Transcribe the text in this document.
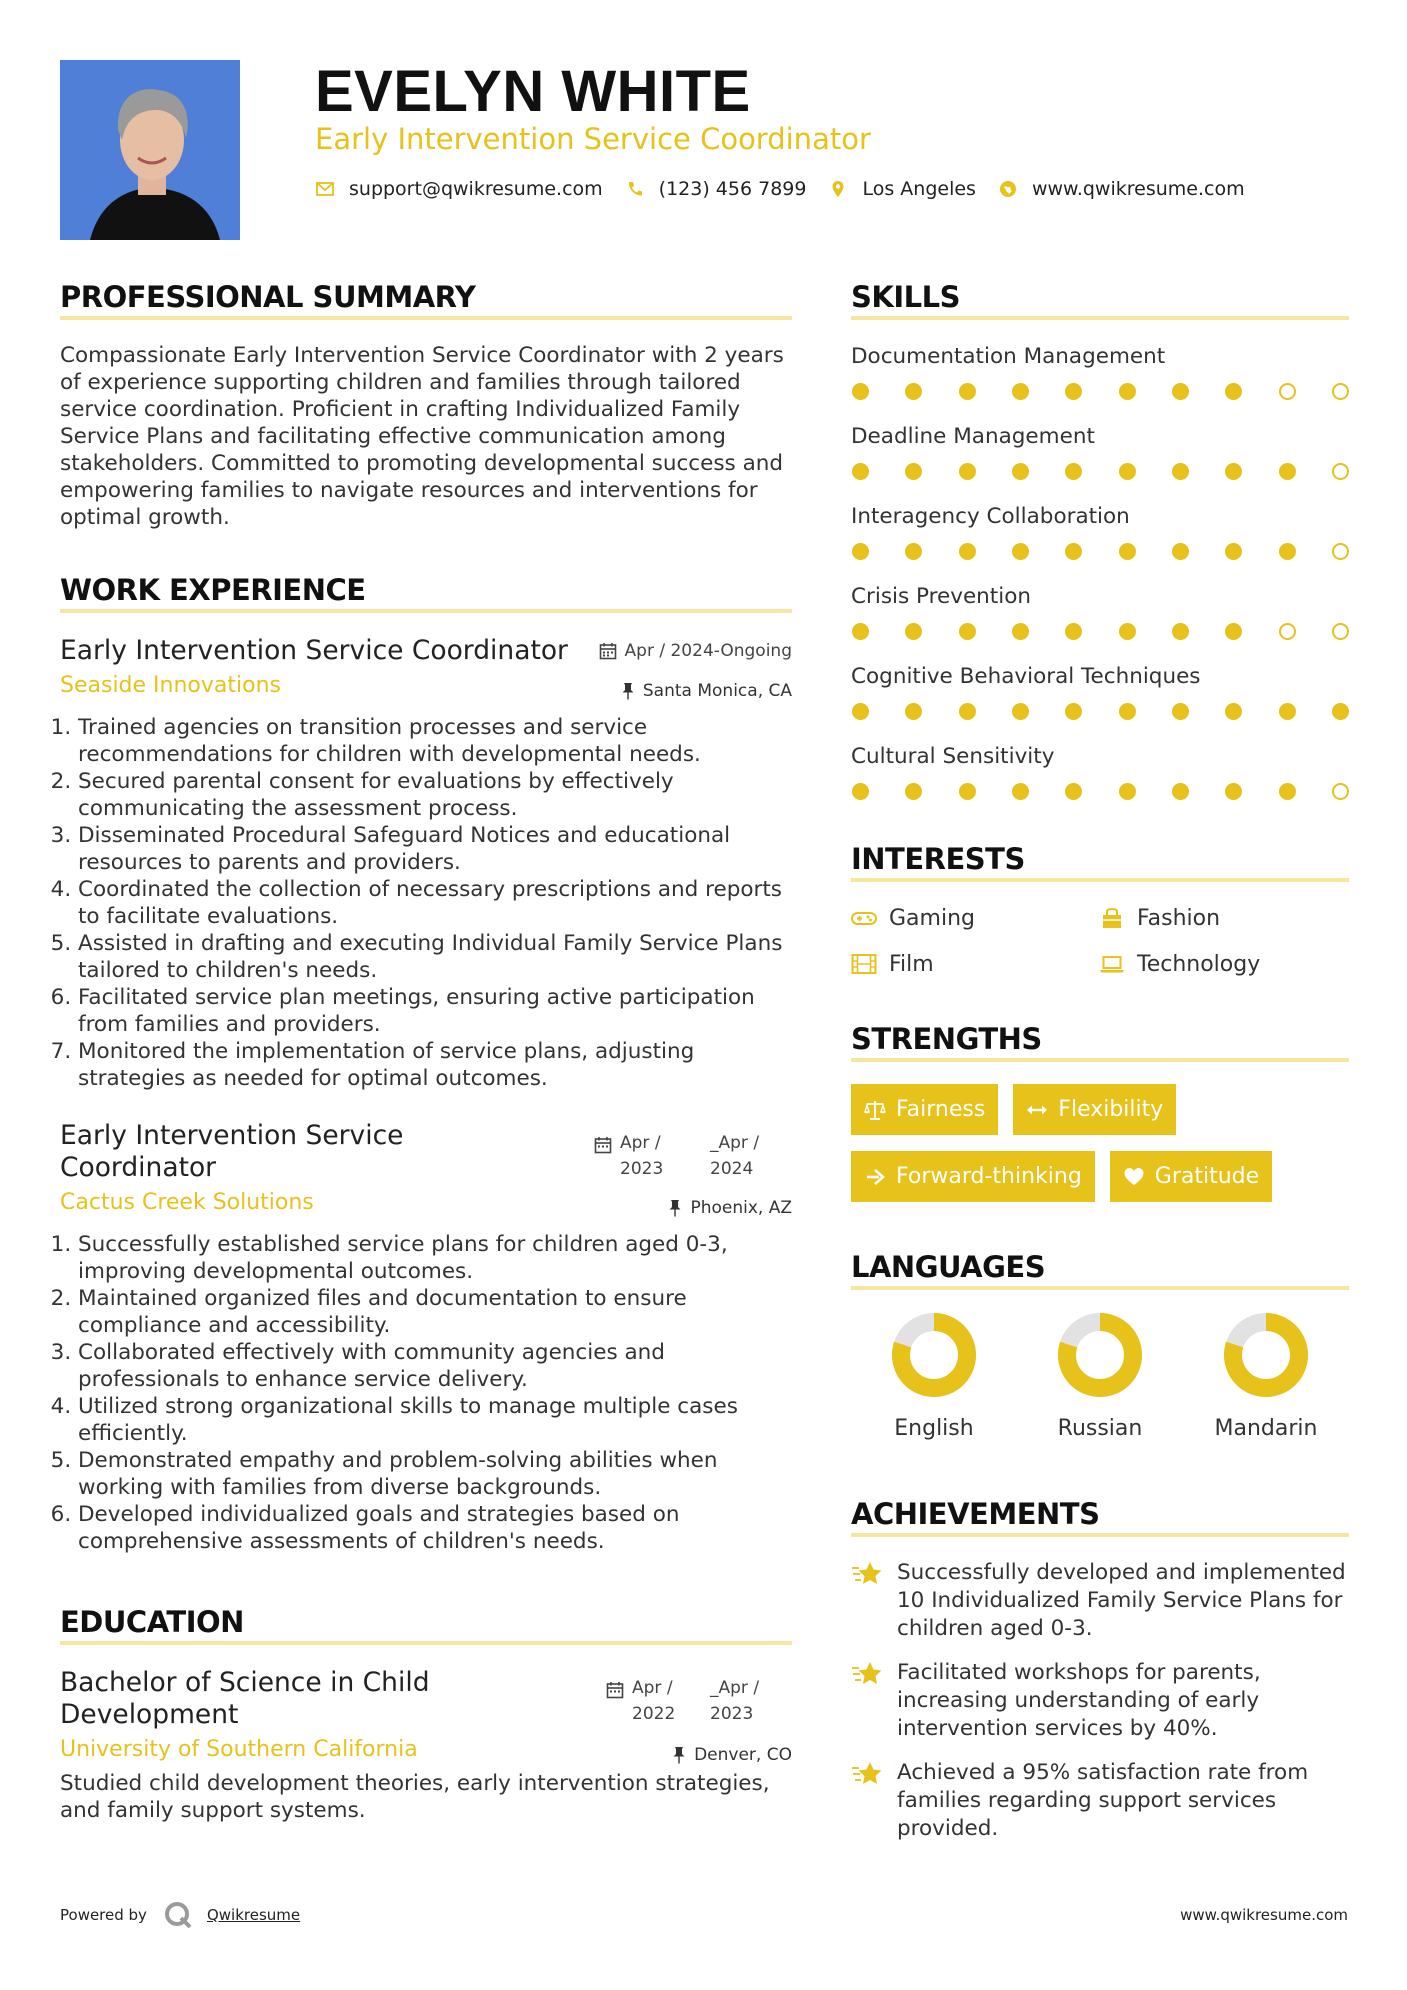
EVELYN WHITE
Early Intervention Service Coordinator
support@qwikresume.com	(123) 456 7899	Los Angeles	www.qwikresume.com
PROFESSIONAL SUMMARY

Compassionate Early Intervention Service Coordinator with 2 years of experience supporting children and families through tailored service coordination. Proficient in crafting Individualized Family Service Plans and facilitating effective communication among stakeholders. Committed to promoting developmental success and empowering families to navigate resources and interventions for optimal growth.

WORK EXPERIENCE
Early Intervention Service Coordinator	Apr / 2024-Ongoing
Seaside Innovations	Santa Monica, CA
1. Trained agencies on transition processes and service recommendations for children with developmental needs.
2. Secured parental consent for evaluations by effectively communicating the assessment process.
3. Disseminated Procedural Safeguard Notices and educational resources to parents and providers.
4. Coordinated the collection of necessary prescriptions and reports to facilitate evaluations.
5. Assisted in drafting and executing Individual Family Service Plans tailored to children's needs.
6. Facilitated service plan meetings, ensuring active participation from families and providers.
7. Monitored the implementation of service plans, adjusting strategies as needed for optimal outcomes.
Early Intervention Service Coordinator
Apr / 2023
_Apr / 2024
Cactus Creek Solutions	Phoenix, AZ
1. Successfully established service plans for children aged 0-3, improving developmental outcomes.
2. Maintained organized files and documentation to ensure compliance and accessibility.
3. Collaborated effectively with community agencies and professionals to enhance service delivery.
4. Utilized strong organizational skills to manage multiple cases efficiently.
5. Demonstrated empathy and problem-solving abilities when working with families from diverse backgrounds.
6. Developed individualized goals and strategies based on comprehensive assessments of children's needs.
EDUCATION
Bachelor of Science in Child Development
Apr / 2022
_Apr / 2023
University of Southern California	Denver, CO

Studied child development theories, early intervention strategies, and family support systems.

SKILLS
Documentation Management
Deadline Management
Interagency Collaboration
Crisis Prevention
Cognitive Behavioral Techniques
Cultural Sensitivity
INTERESTS
Gaming	Fashion
Film	Technology
STRENGTHS
Fairness	Flexibility
Forward-thinking	Gratitude
LANGUAGES
English	Russian	Mandarin
ACHIEVEMENTS
Successfully developed and implemented 10 Individualized Family Service Plans for children aged 0-3.
Facilitated workshops for parents, increasing understanding of early intervention services by 40%.
Achieved a 95% satisfaction rate from families regarding support services provided.
Powered by	Qwikresume	www.qwikresume.com
